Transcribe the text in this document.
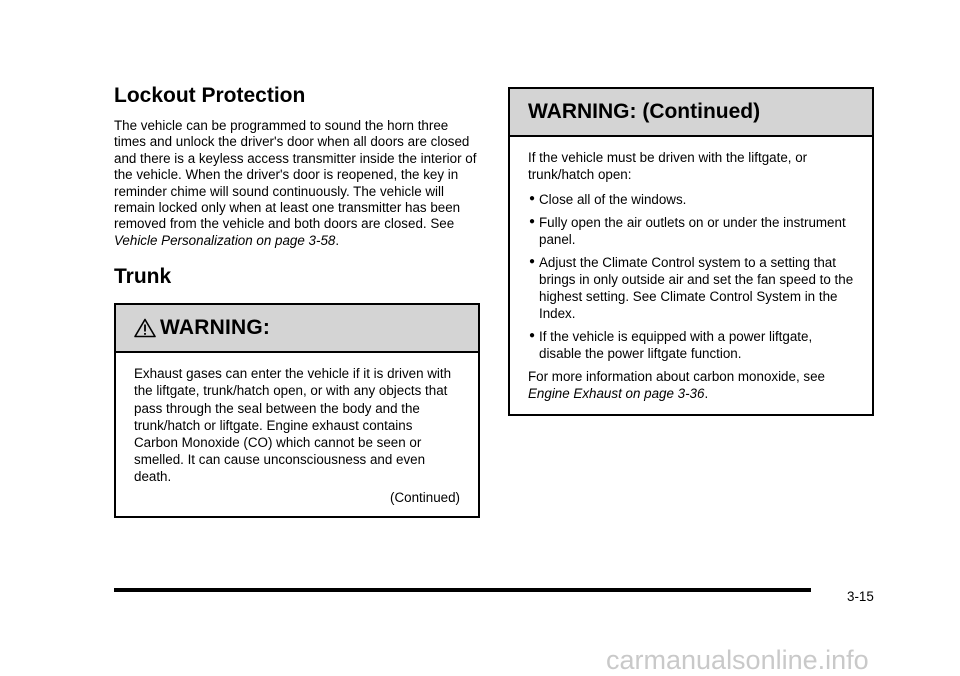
Lockout Protection

The vehicle can be programmed to sound the horn three times and unlock the driver's door when all doors are closed and there is a keyless access transmitter inside the interior of the vehicle. When the driver's door is reopened, the key in reminder chime will sound continuously. The vehicle will remain locked only when at least one transmitter has been removed from the vehicle and both doors are closed. See Vehicle Personalization on page 3-58.

Trunk
WARNING:
Exhaust gases can enter the vehicle if it is driven with the liftgate, trunk/hatch open, or with any objects that pass through the seal between the body and the trunk/hatch or liftgate. Engine exhaust contains Carbon Monoxide (CO) which cannot be seen or smelled. It can cause unconsciousness and even death.
(Continued)
WARNING: (Continued)

If the vehicle must be driven with the liftgate, or trunk/hatch open:

● Close all of the windows.
● Fully open the air outlets on or under the instrument panel.
● Adjust the Climate Control system to a setting that brings in only outside air and set the fan speed to the highest setting. See Climate Control System in the Index.
● If the vehicle is equipped with a power liftgate, disable the power liftgate function.

For more information about carbon monoxide, see Engine Exhaust on page 3-36.

3-15
carmanualsonline.info
